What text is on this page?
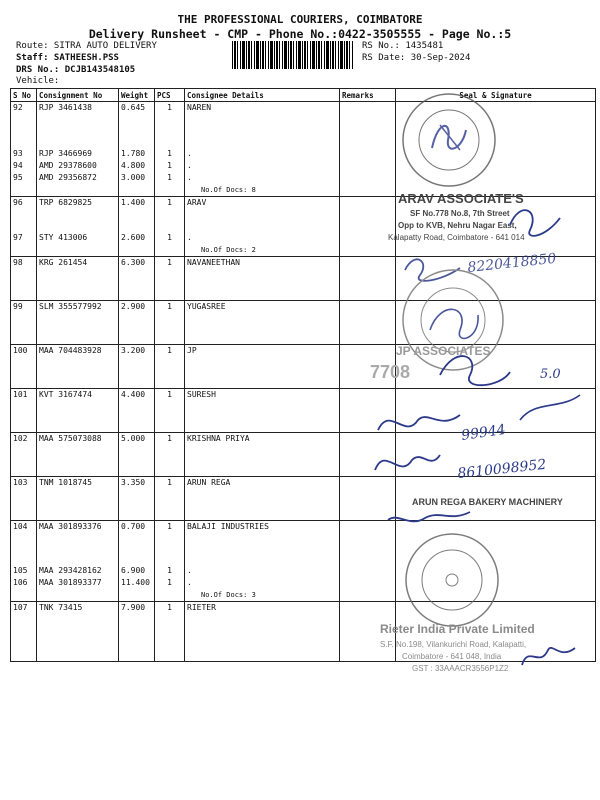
THE PROFESSIONAL COURIERS, COIMBATORE
Delivery Runsheet - CMP - Phone No.:0422-3505555 - Page No.:5
Route: SITRA AUTO DELIVERY
Staff: SATHEESH.PSS
DRS No.: DCJB143548105
Vehicle:
RS No.: 1435481
RS Date: 30-Sep-2024
S No	Consignment No	Weight	PCS	Consignee Details	Remarks	Seal & Signature
92	RJP 3461438	0.645	1	NAREN		
93	RJP 3466969	1.780	1	.		
94	AMD 29378600	4.800	1	.		
95	AMD 29356872	3.000	1	.		
				No.Of Docs: 8		
96	TRP 6829825	1.400	1	ARAV		
97	STY 413006	2.600	1	.		
				No.Of Docs: 2		
98	KRG 261454	6.300	1	NAVANEETHAN		
99	SLM 355577992	2.900	1	YUGASREE		
100	MAA 704483928	3.200	1	JP		
101	KVT 3167474	4.400	1	SURESH		
102	MAA 575073088	5.000	1	KRISHNA PRIYA		
103	TNM 1018745	3.350	1	ARUN REGA		
104	MAA 301893376	0.700	1	BALAJI INDUSTRIES		
105	MAA 293428162	6.900	1	.		
106	MAA 301893377	11.400	1	.		
				No.Of Docs: 3		
107	TNK 73415	7.900	1	RIETER		
ARAV ASSOCIATE'S
SF No.778 No.8, 7th Street
Opp to KVB, Nehru Nagar East,
Kalapatty Road, Coimbatore - 641 014
8220418850
JP ASSOCIATES
7708	5.0
99944
8610098952
ARUN REGA BAKERY MACHINERY
Rieter India Private Limited
S.F. No.198, Vilankurichi Road, Kalapatti,
Coimbatore - 641 048, India
GST : 33AAACR3556P1Z2
